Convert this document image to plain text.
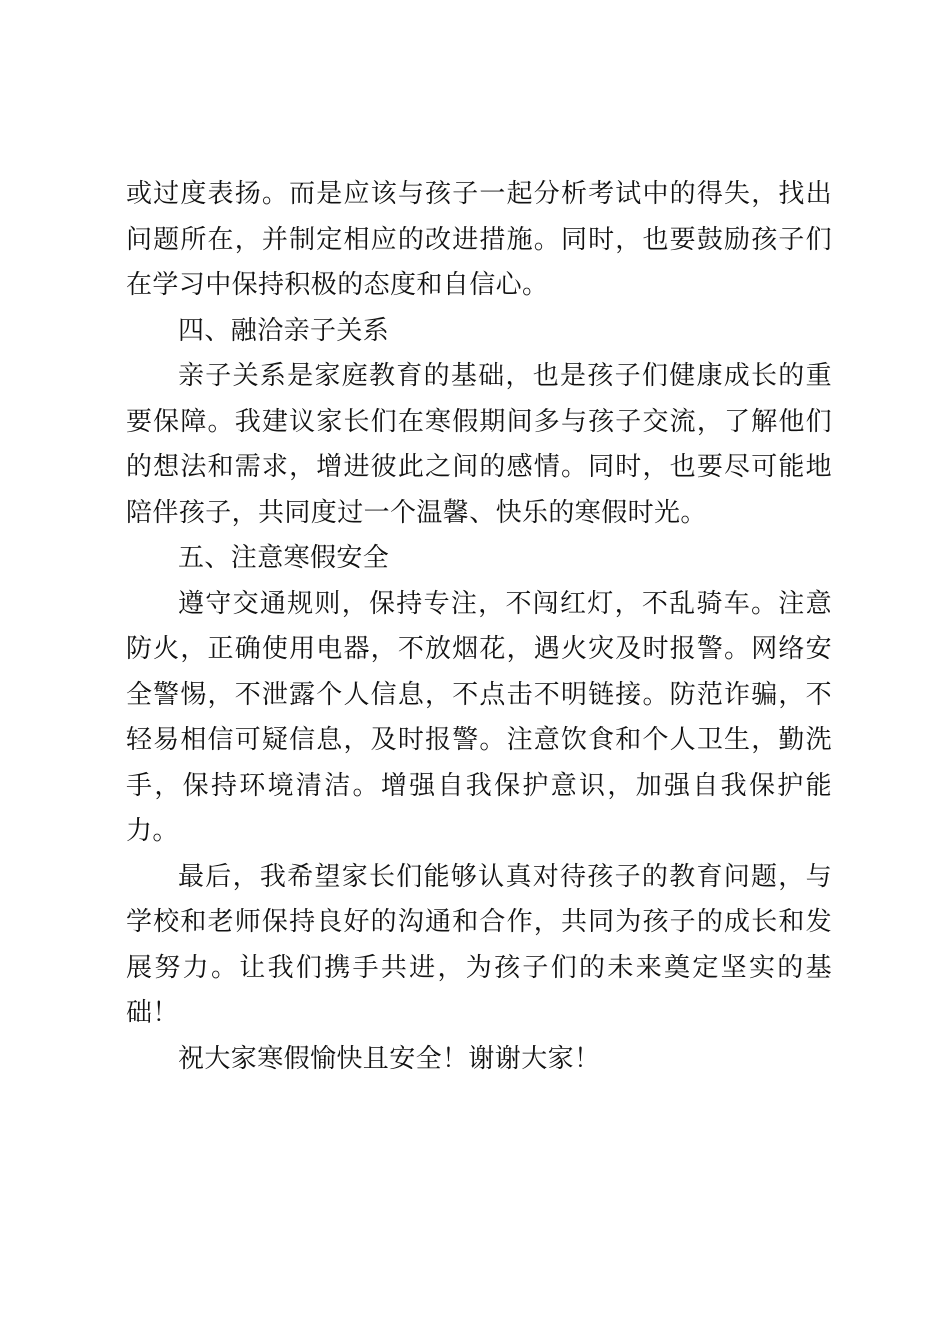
或过度表扬。而是应该与孩子一起分析考试中的得失，找出问题所在，并制定相应的改进措施。同时，也要鼓励孩子们在学习中保持积极的态度和自信心。

四、融洽亲子关系

亲子关系是家庭教育的基础，也是孩子们健康成长的重要保障。我建议家长们在寒假期间多与孩子交流，了解他们的想法和需求，增进彼此之间的感情。同时，也要尽可能地陪伴孩子，共同度过一个温馨、快乐的寒假时光。

五、注意寒假安全

遵守交通规则，保持专注，不闯红灯，不乱骑车。注意防火，正确使用电器，不放烟花，遇火灾及时报警。网络安全警惕，不泄露个人信息，不点击不明链接。防范诈骗，不轻易相信可疑信息，及时报警。注意饮食和个人卫生，勤洗手，保持环境清洁。增强自我保护意识，加强自我保护能力。

最后，我希望家长们能够认真对待孩子的教育问题，与学校和老师保持良好的沟通和合作，共同为孩子的成长和发展努力。让我们携手共进，为孩子们的未来奠定坚实的基础！

祝大家寒假愉快且安全！谢谢大家！
